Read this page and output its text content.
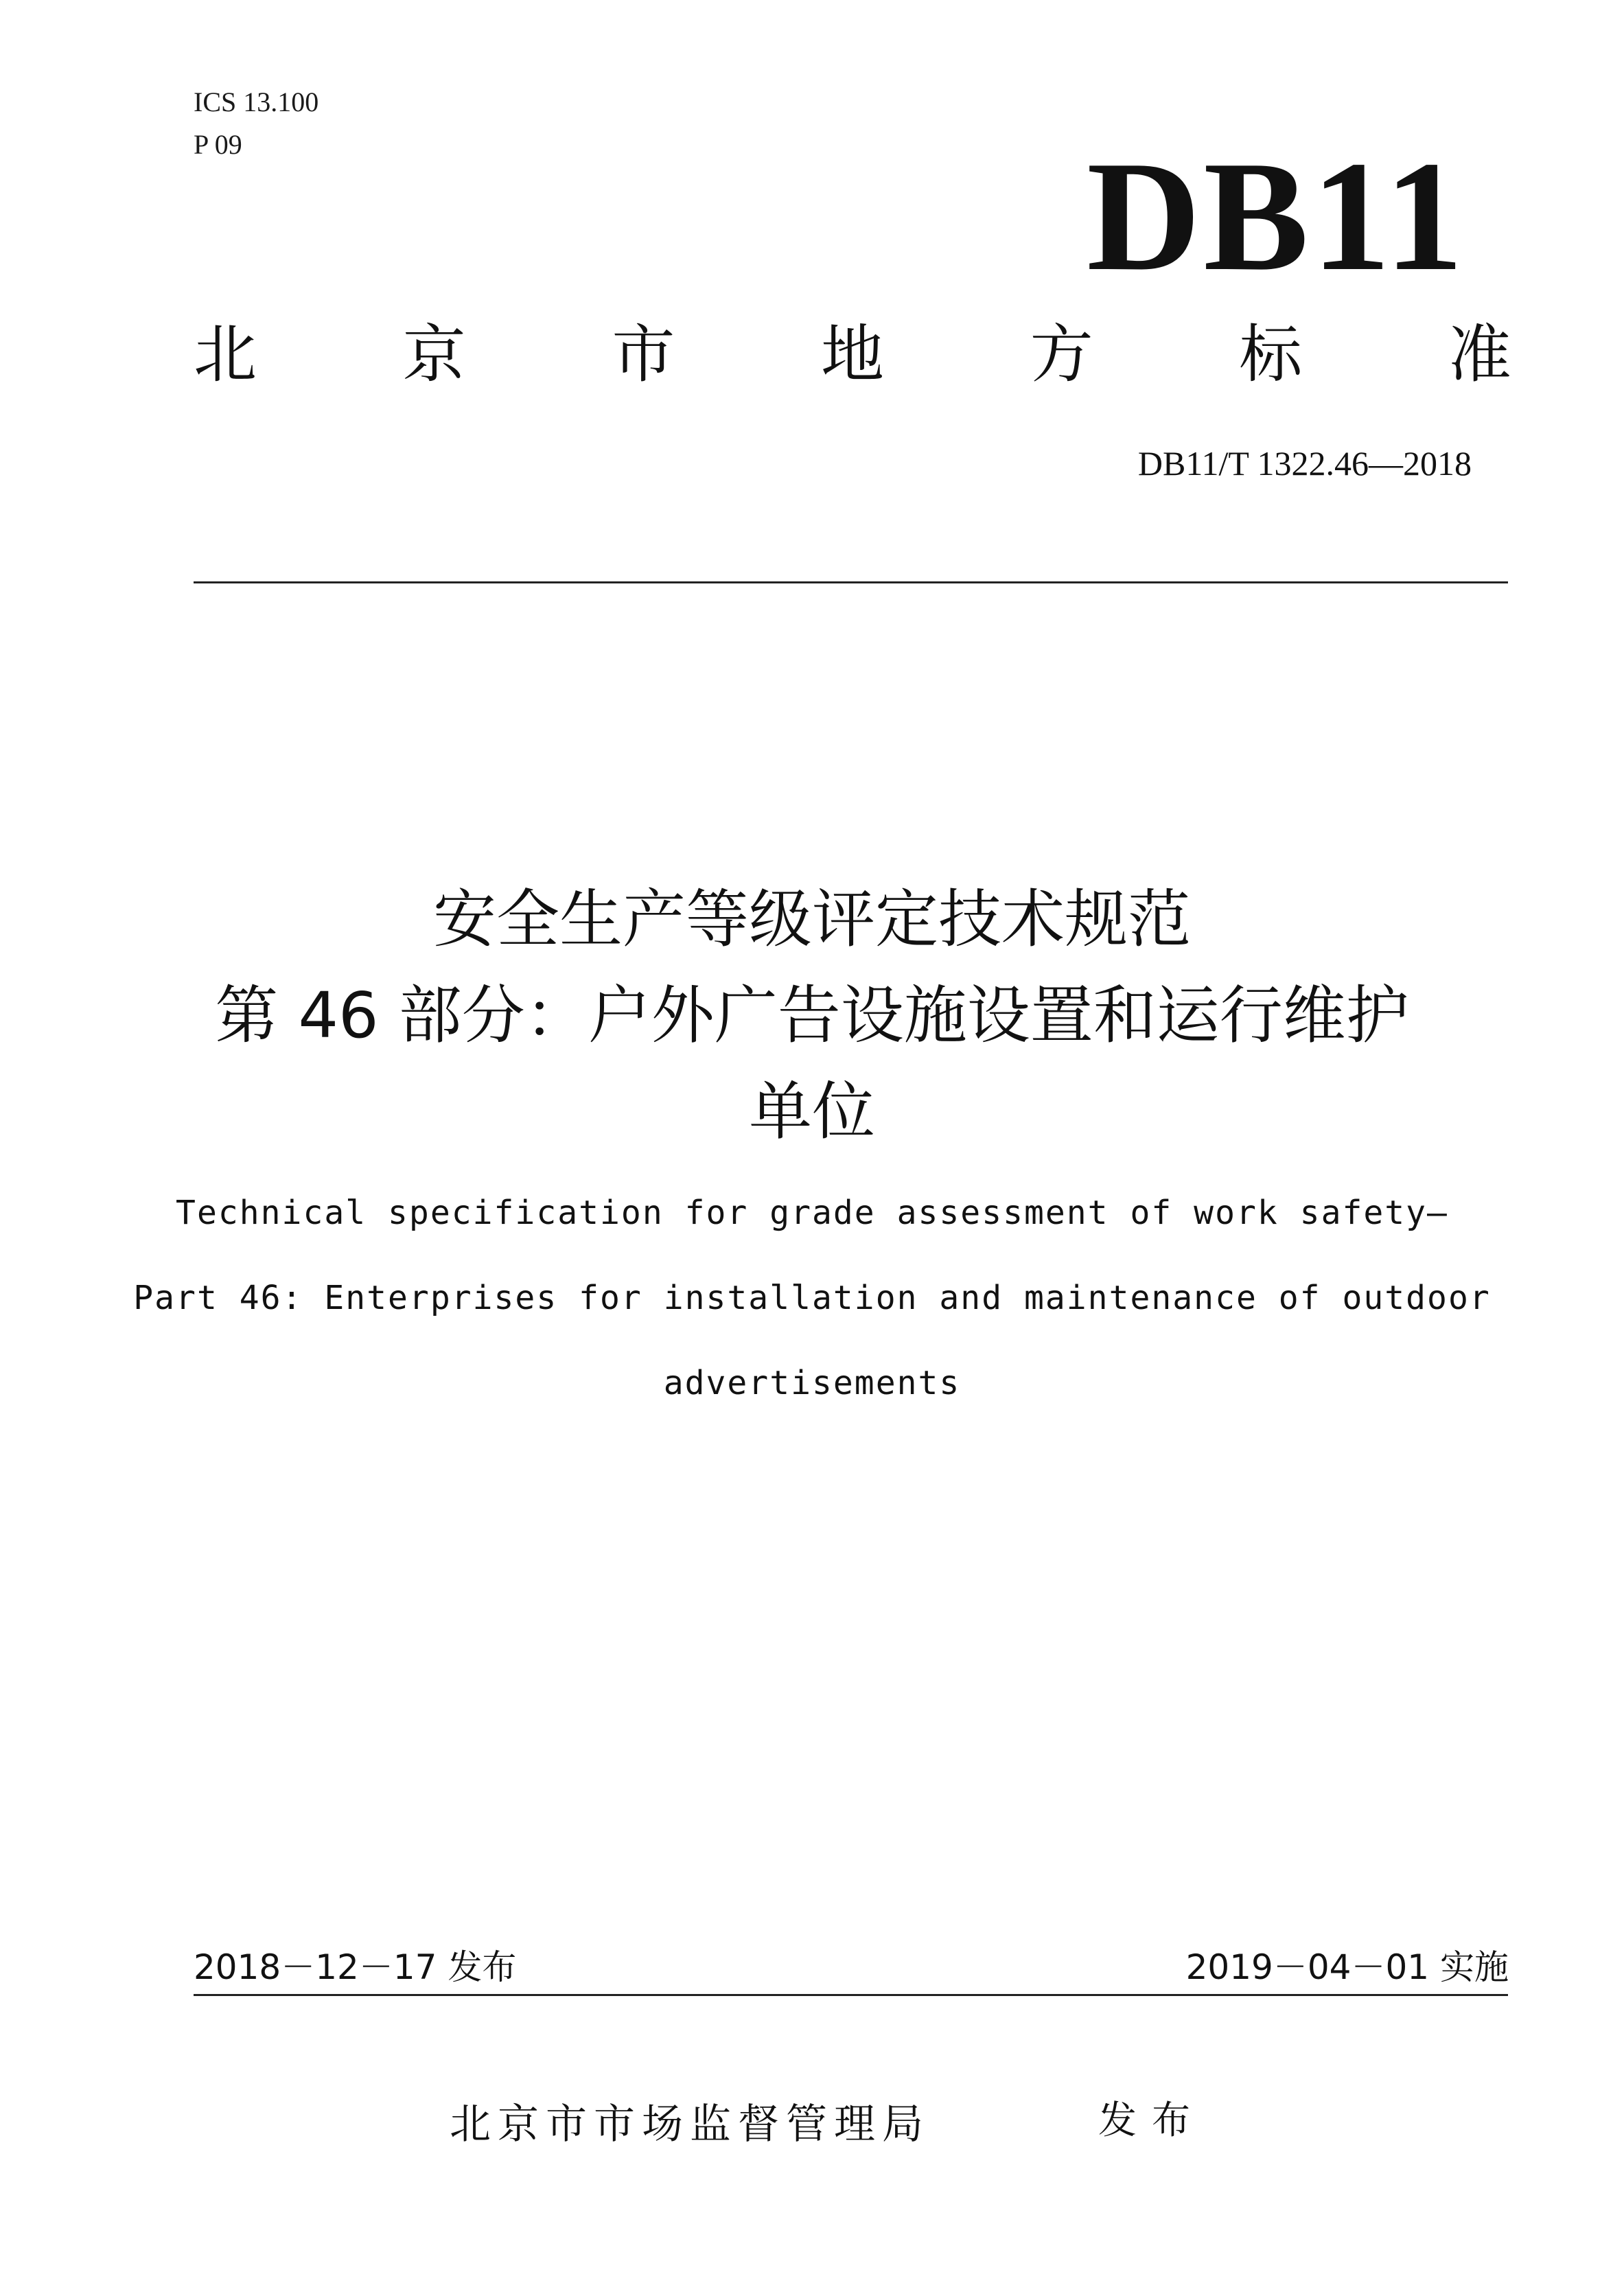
ICS 13.100
P 09	DB11
北 京 市 地 方 标 准
DB11/T 1322.46—2018
安全生产等级评定技术规范
第 46 部分：户外广告设施设置和运行维护
单位
Technical specification for grade assessment of work safety—
Part 46: Enterprises for installation and maintenance of outdoor
advertisements
2018－12－17 发布	2019－04－01 实施
北京市市场监督管理局	发布
